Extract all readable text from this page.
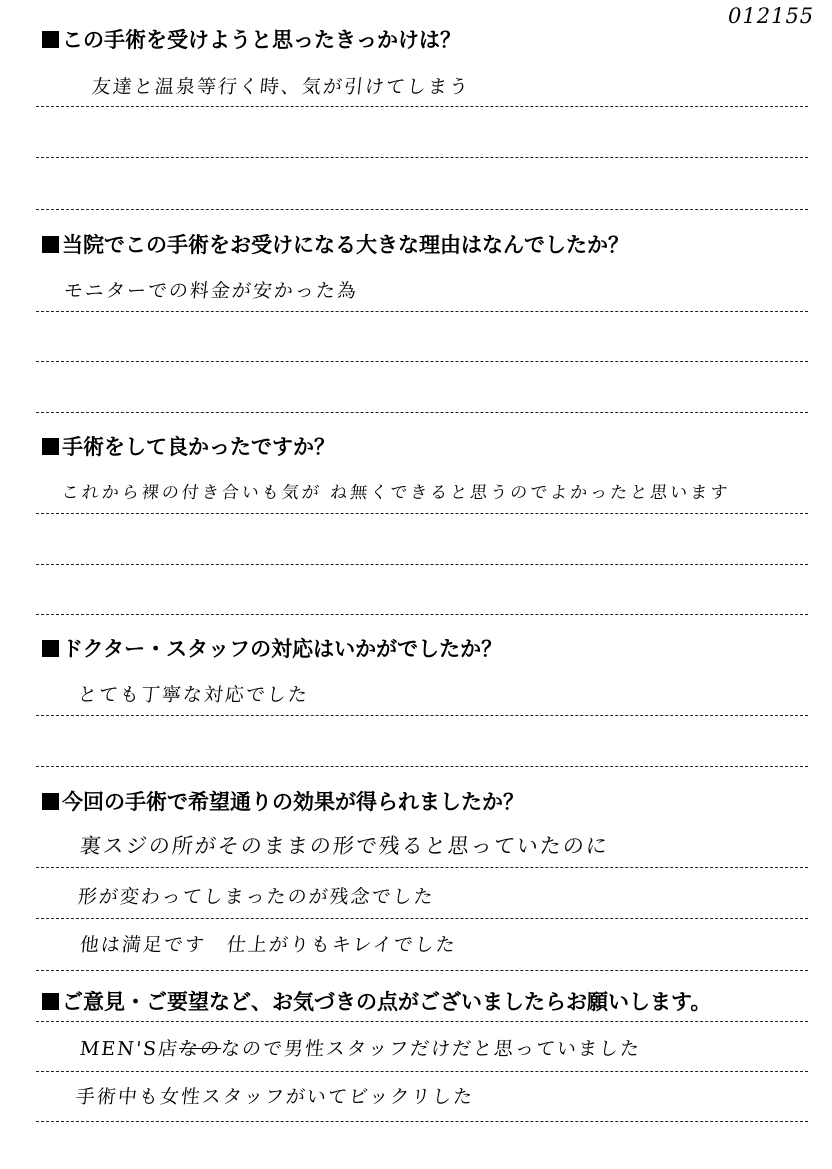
012155
この手術を受けようと思ったきっかけは？
友達と温泉等行く時、気が引けてしまう
当院でこの手術をお受けになる大きな理由はなんでしたか？
モニターでの料金が安かった為
手術をして良かったですか？
これから裸の付き合いも気が ね無くできると思うのでよかったと思います
ドクター・スタッフの対応はいかがでしたか？
とても丁寧な対応でした
今回の手術で希望通りの効果が得られましたか？
裏スジの所がそのままの形で残ると思っていたのに
形が変わってしまったのが残念でした
他は満足です　仕上がりもキレイでした
ご意見・ご要望など、お気づきの点がございましたらお願いします。
MEN'S店なのなので男性スタッフだけだと思っていました
手術中も女性スタッフがいてビックリした
